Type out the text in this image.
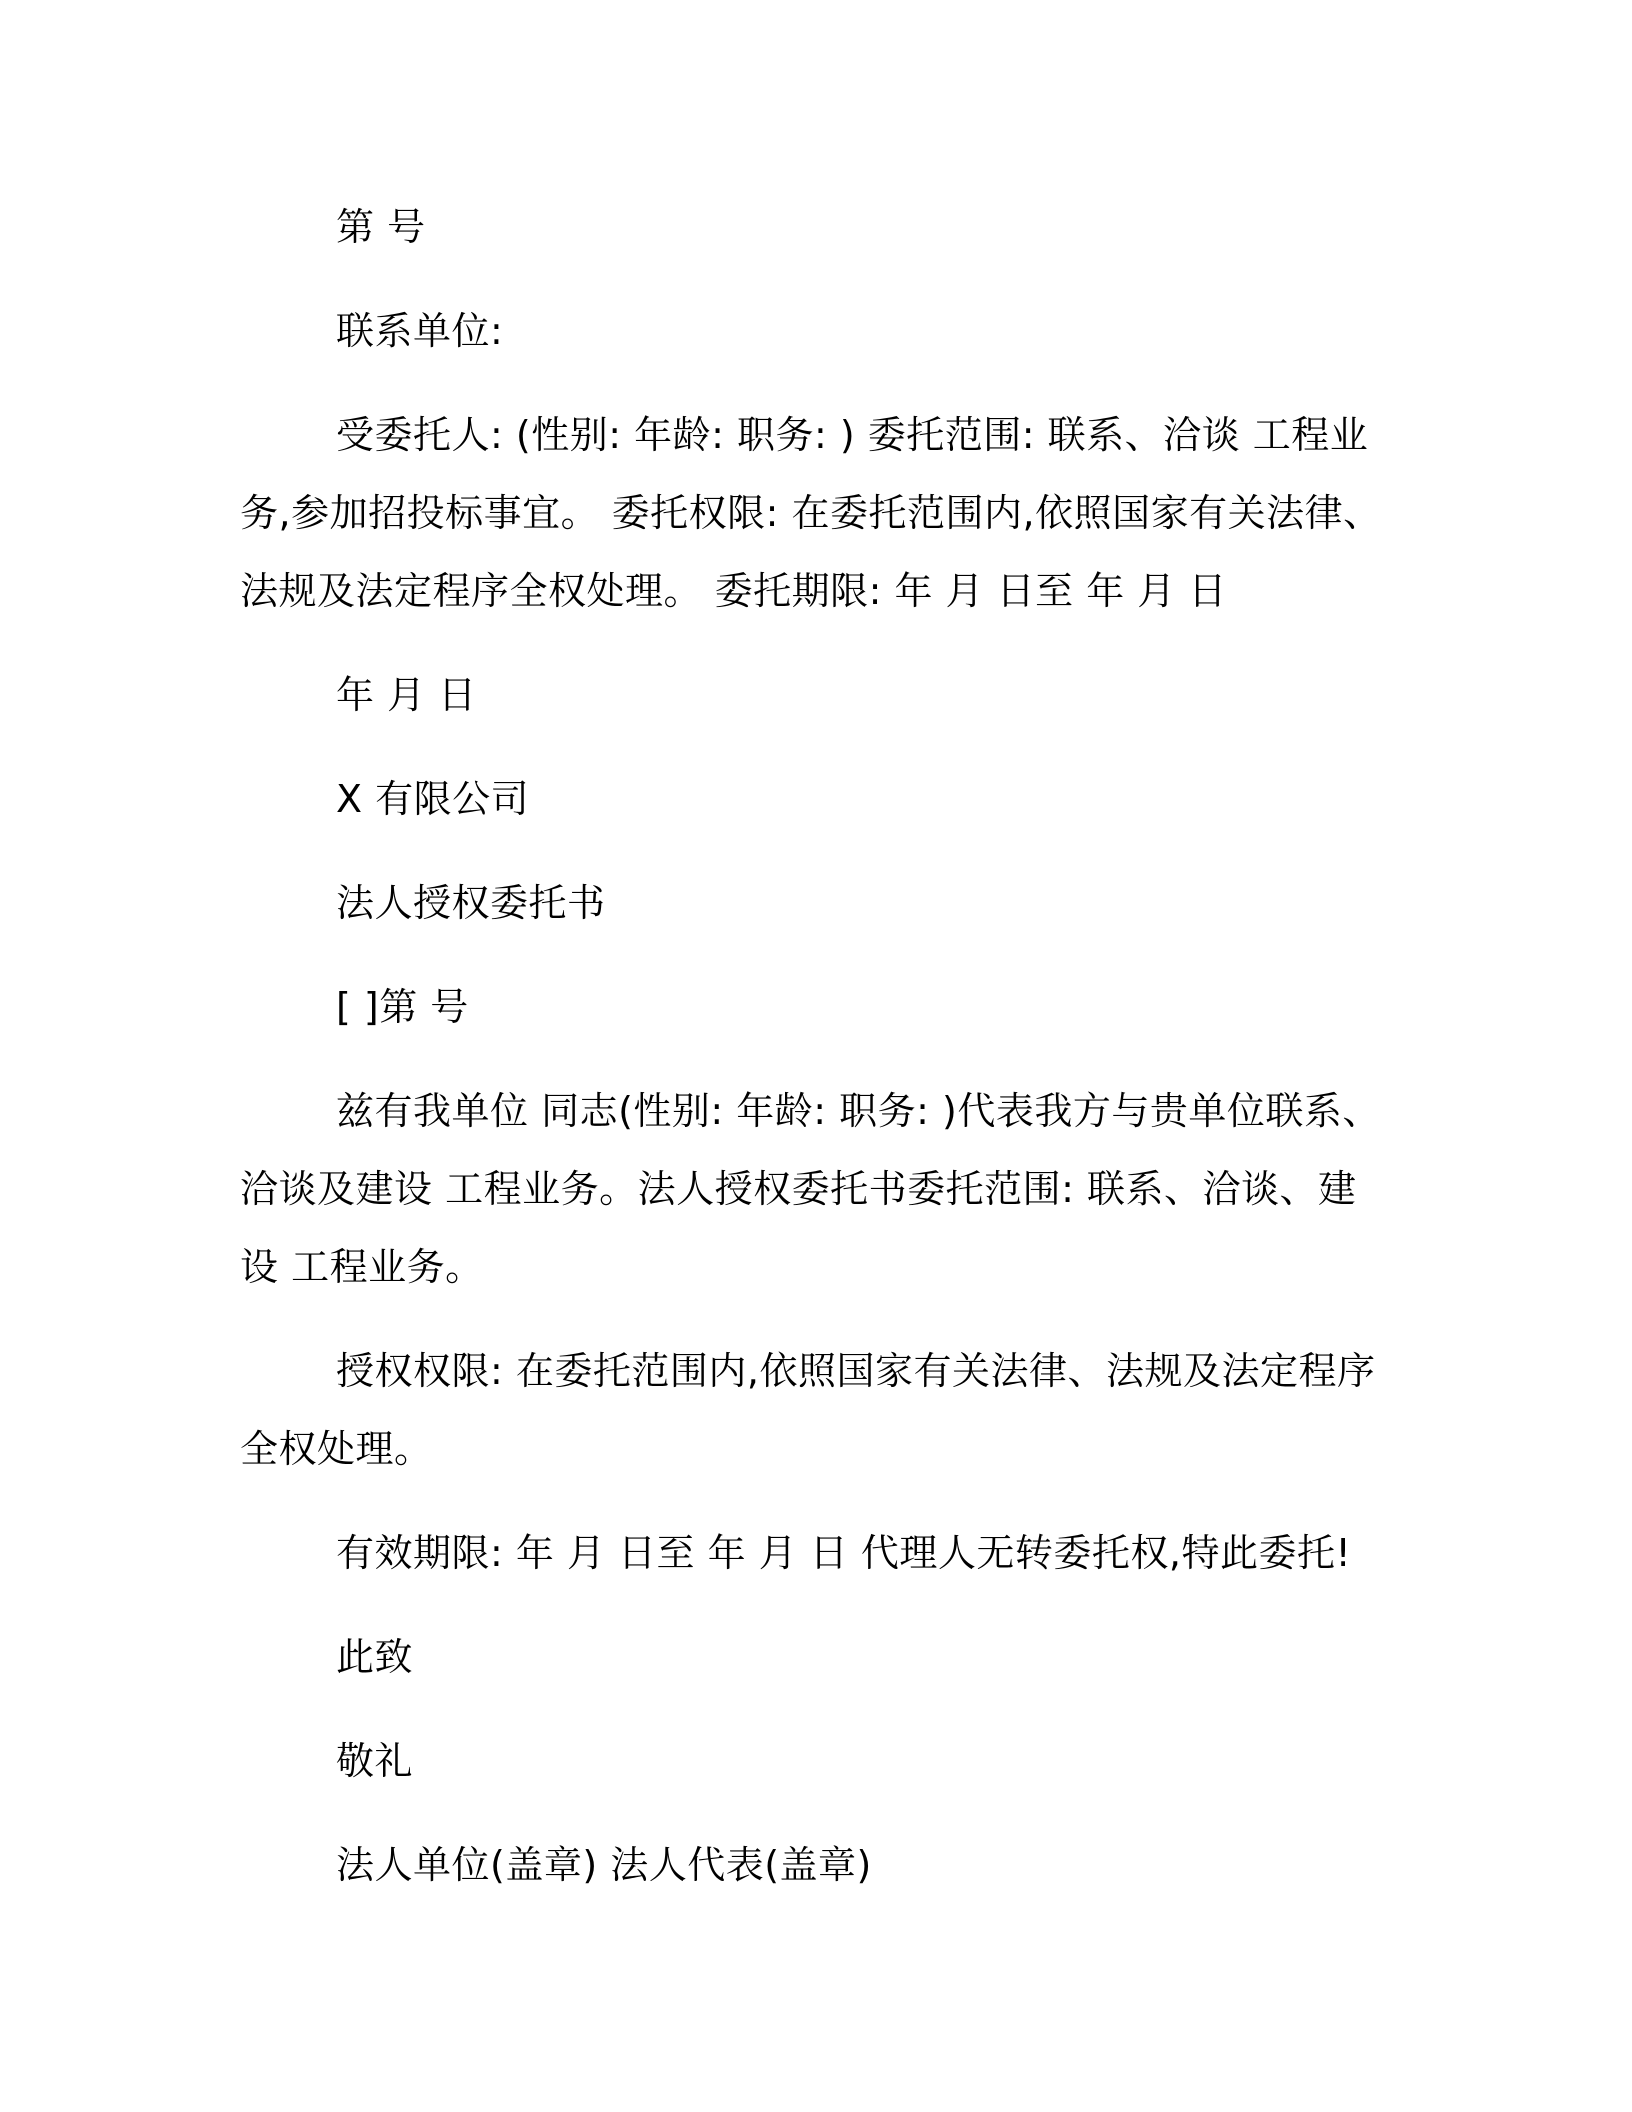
第 号

联系单位:

受委托人: (性别: 年龄: 职务: ) 委托范围: 联系、洽谈 工程业务,参加招投标事宜。 委托权限: 在委托范围内,依照国家有关法律、法规及法定程序全权处理。 委托期限: 年 月 日至 年 月 日

年 月 日

X 有限公司

法人授权委托书

[ ]第 号

兹有我单位 同志(性别: 年龄: 职务: )代表我方与贵单位联系、洽谈及建设 工程业务。法人授权委托书委托范围: 联系、洽谈、建设 工程业务。

授权权限: 在委托范围内,依照国家有关法律、法规及法定程序全权处理。

有效期限: 年 月 日至 年 月 日 代理人无转委托权,特此委托!

此致

敬礼

法人单位(盖章) 法人代表(盖章)
